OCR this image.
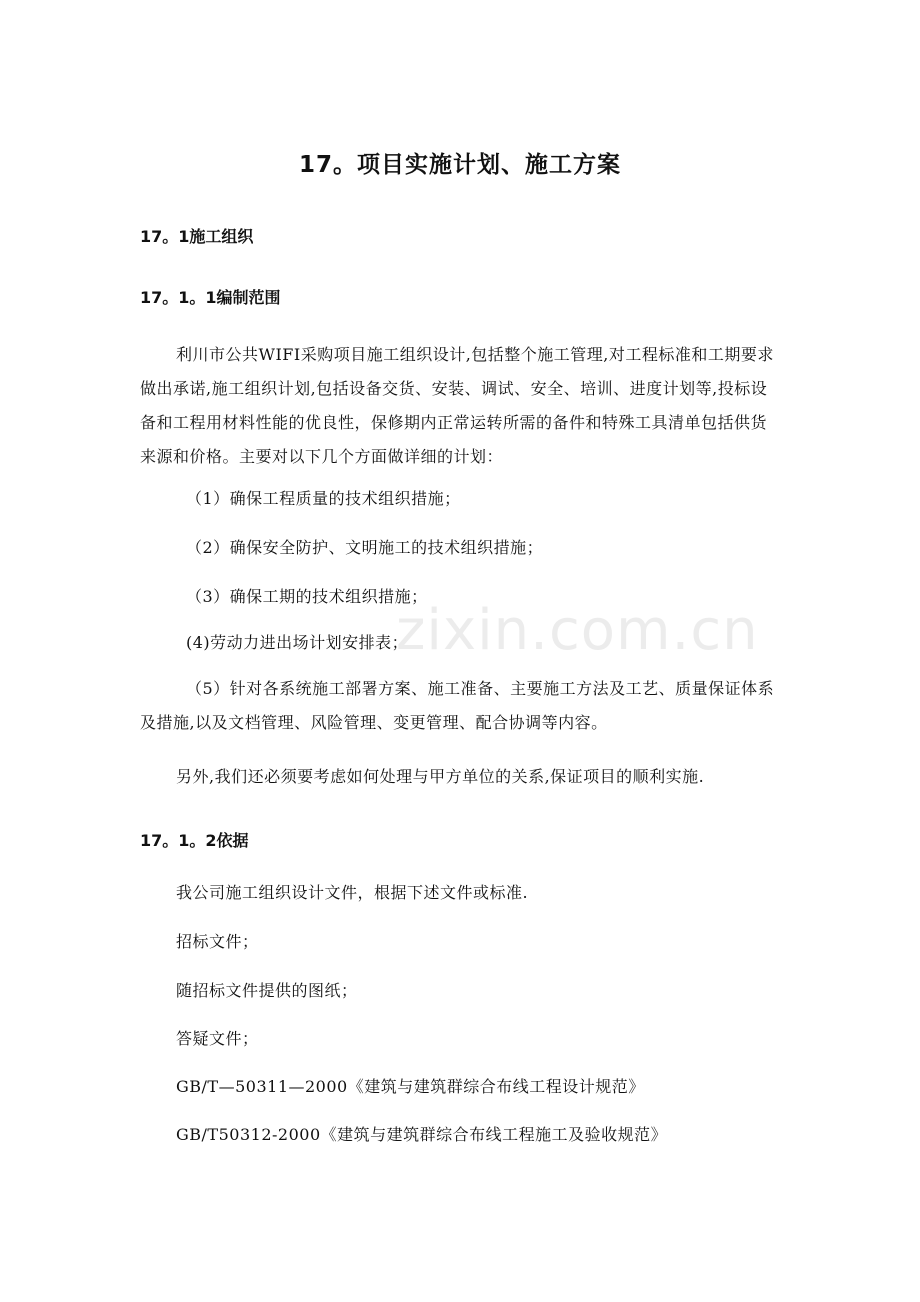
17。项目实施计划、施工方案
17。1施工组织
17。1。1编制范围
利川市公共WIFI采购项目施工组织设计,包括整个施工管理,对工程标准和工期要求做出承诺,施工组织计划,包括设备交货、安装、调试、安全、培训、进度计划等,投标设备和工程用材料性能的优良性，保修期内正常运转所需的备件和特殊工具清单包括供货来源和价格。主要对以下几个方面做详细的计划：
（1）确保工程质量的技术组织措施；
（2）确保安全防护、文明施工的技术组织措施；
（3）确保工期的技术组织措施；
(4)劳动力进出场计划安排表；
（5）针对各系统施工部署方案、施工准备、主要施工方法及工艺、质量保证体系及措施,以及文档管理、风险管理、变更管理、配合协调等内容。
另外,我们还必须要考虑如何处理与甲方单位的关系,保证项目的顺利实施.
17。1。2依据
我公司施工组织设计文件，根据下述文件或标准.
招标文件；
随招标文件提供的图纸；
答疑文件；
GB/T—50311—2000《建筑与建筑群综合布线工程设计规范》
GB/T50312-2000《建筑与建筑群综合布线工程施工及验收规范》
zixin.com.cn
